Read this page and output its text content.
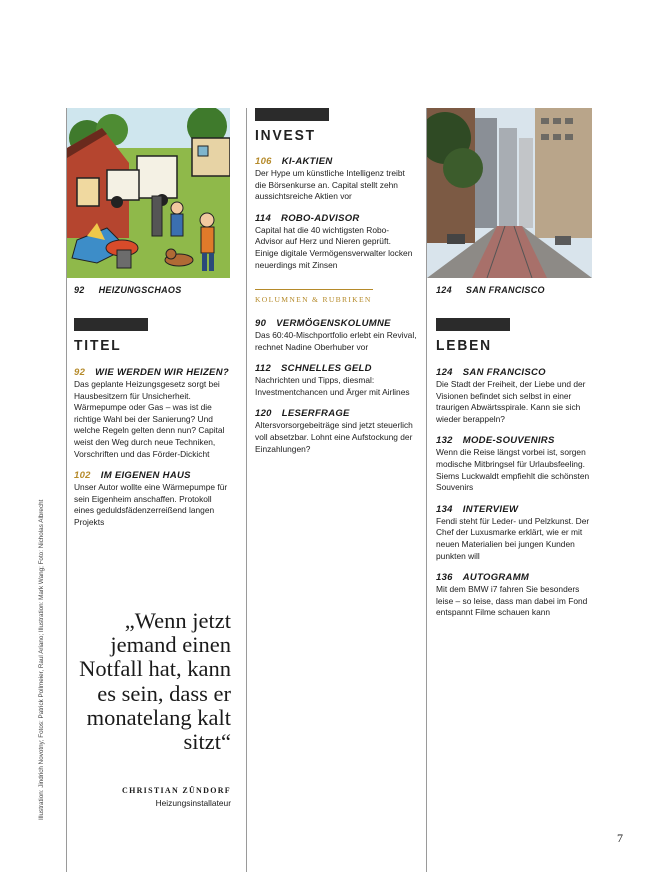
Illustration: Jindrich Novotny; Fotos: Patrick Pollmeier, Raul Ariano; Illustration: Mark Wang; Foto: Nicholas Albrecht
92 HEIZUNGSCHAOS
TITEL
92 WIE WERDEN WIR HEIZEN?
Das geplante Heizungsgesetz sorgt bei Hausbesitzern für Unsicherheit. Wärmepumpe oder Gas – was ist die richtige Wahl bei der Sanierung? Und welche Regeln gelten denn nun? Capital weist den Weg durch neue Techniken, Vorschriften und das Förder-Dickicht
102 IM EIGENEN HAUS
Unser Autor wollte eine Wärmepumpe für sein Eigenheim anschaffen. Protokoll eines geduldsfädenzerreißend langen Projekts
„Wenn jetzt jemand einen Notfall hat, kann es sein, dass er monatelang kalt sitzt“
CHRISTIAN ZÜNDORF
Heizungsinstallateur
INVEST
106 KI-AKTIEN
Der Hype um künstliche Intelligenz treibt die Börsenkurse an. Capital stellt zehn aussichtsreiche Aktien vor
114 ROBO-ADVISOR
Capital hat die 40 wichtigsten Robo-Advisor auf Herz und Nieren geprüft. Einige digitale Vermögensverwalter locken neuerdings mit Zinsen
KOLUMNEN & RUBRIKEN
90 VERMÖGENSKOLUMNE
Das 60:40-Mischportfolio erlebt ein Revival, rechnet Nadine Oberhuber vor
112 SCHNELLES GELD
Nachrichten und Tipps, diesmal: Investmentchancen und Ärger mit Airlines
120 LESERFRAGE
Altersvorsorgebeiträge sind jetzt steuerlich voll absetzbar. Lohnt eine Aufstockung der Einzahlungen?
124 SAN FRANCISCO
LEBEN
124 SAN FRANCISCO
Die Stadt der Freiheit, der Liebe und der Visionen befindet sich selbst in einer traurigen Abwärtsspirale. Kann sie sich wieder berappeln?
132 MODE-SOUVENIRS
Wenn die Reise längst vorbei ist, sorgen modische Mitbringsel für Urlaubsfeeling. Siems Luckwaldt empfiehlt die schönsten Souvenirs
134 INTERVIEW
Fendi steht für Leder- und Pelzkunst. Der Chef der Luxusmarke erklärt, wie er mit neuen Materialien bei jungen Kunden punkten will
136 AUTOGRAMM
Mit dem BMW i7 fahren Sie besonders leise – so leise, dass man dabei im Fond entspannt Filme schauen kann
7
